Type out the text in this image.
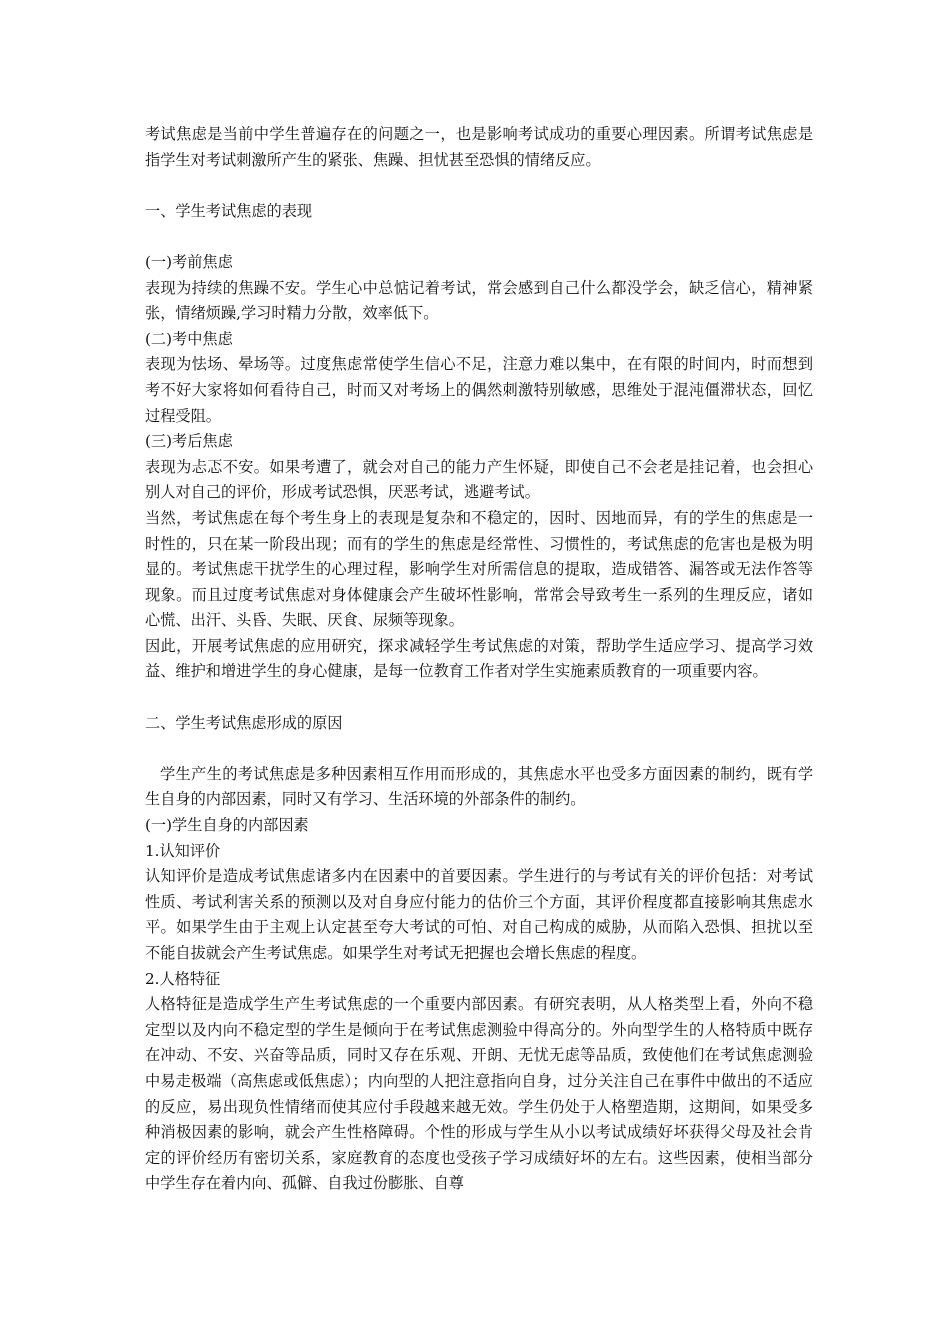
考试焦虑是当前中学生普遍存在的问题之一，也是影响考试成功的重要心理因素。所谓考试焦虑是指学生对考试刺激所产生的紧张、焦躁、担忧甚至恐惧的情绪反应。

一、学生考试焦虑的表现

(一)考前焦虑

表现为持续的焦躁不安。学生心中总惦记着考试，常会感到自己什么都没学会，缺乏信心，精神紧张，情绪烦躁,学习时精力分散，效率低下。

(二)考中焦虑

表现为怯场、晕场等。过度焦虑常使学生信心不足，注意力难以集中，在有限的时间内，时而想到考不好大家将如何看待自己，时而又对考场上的偶然刺激特别敏感，思维处于混沌僵滞状态，回忆过程受阻。

(三)考后焦虑

表现为忐忑不安。如果考遭了，就会对自己的能力产生怀疑，即使自己不会老是挂记着，也会担心别人对自己的评价，形成考试恐惧，厌恶考试，逃避考试。

当然，考试焦虑在每个考生身上的表现是复杂和不稳定的，因时、因地而异，有的学生的焦虑是一时性的，只在某一阶段出现；而有的学生的焦虑是经常性、习惯性的，考试焦虑的危害也是极为明显的。考试焦虑干扰学生的心理过程，影响学生对所需信息的提取，造成错答、漏答或无法作答等现象。而且过度考试焦虑对身体健康会产生破坏性影响，常常会导致考生一系列的生理反应，诸如心慌、出汗、头昏、失眠、厌食、尿频等现象。

因此，开展考试焦虑的应用研究，探求减轻学生考试焦虑的对策，帮助学生适应学习、提高学习效益、维护和增进学生的身心健康，是每一位教育工作者对学生实施素质教育的一项重要内容。

二、学生考试焦虑形成的原因

学生产生的考试焦虑是多种因素相互作用而形成的，其焦虑水平也受多方面因素的制约，既有学生自身的内部因素，同时又有学习、生活环境的外部条件的制约。

(一)学生自身的内部因素

1.认知评价

认知评价是造成考试焦虑诸多内在因素中的首要因素。学生进行的与考试有关的评价包括：对考试性质、考试利害关系的预测以及对自身应付能力的估价三个方面，其评价程度都直接影响其焦虑水平。如果学生由于主观上认定甚至夸大考试的可怕、对自己构成的威胁，从而陷入恐惧、担扰以至不能自拔就会产生考试焦虑。如果学生对考试无把握也会增长焦虑的程度。

2.人格特征

人格特征是造成学生产生考试焦虑的一个重要内部因素。有研究表明，从人格类型上看，外向不稳定型以及内向不稳定型的学生是倾向于在考试焦虑测验中得高分的。外向型学生的人格特质中既存在冲动、不安、兴奋等品质，同时又存在乐观、开朗、无忧无虑等品质，致使他们在考试焦虑测验中易走极端（高焦虑或低焦虑）；内向型的人把注意指向自身，过分关注自己在事件中做出的不适应的反应，易出现负性情绪而使其应付手段越来越无效。学生仍处于人格塑造期，这期间，如果受多种消极因素的影响，就会产生性格障碍。个性的形成与学生从小以考试成绩好坏获得父母及社会肯定的评价经历有密切关系，家庭教育的态度也受孩子学习成绩好坏的左右。这些因素，使相当部分中学生存在着内向、孤僻、自我过份膨胀、自尊
